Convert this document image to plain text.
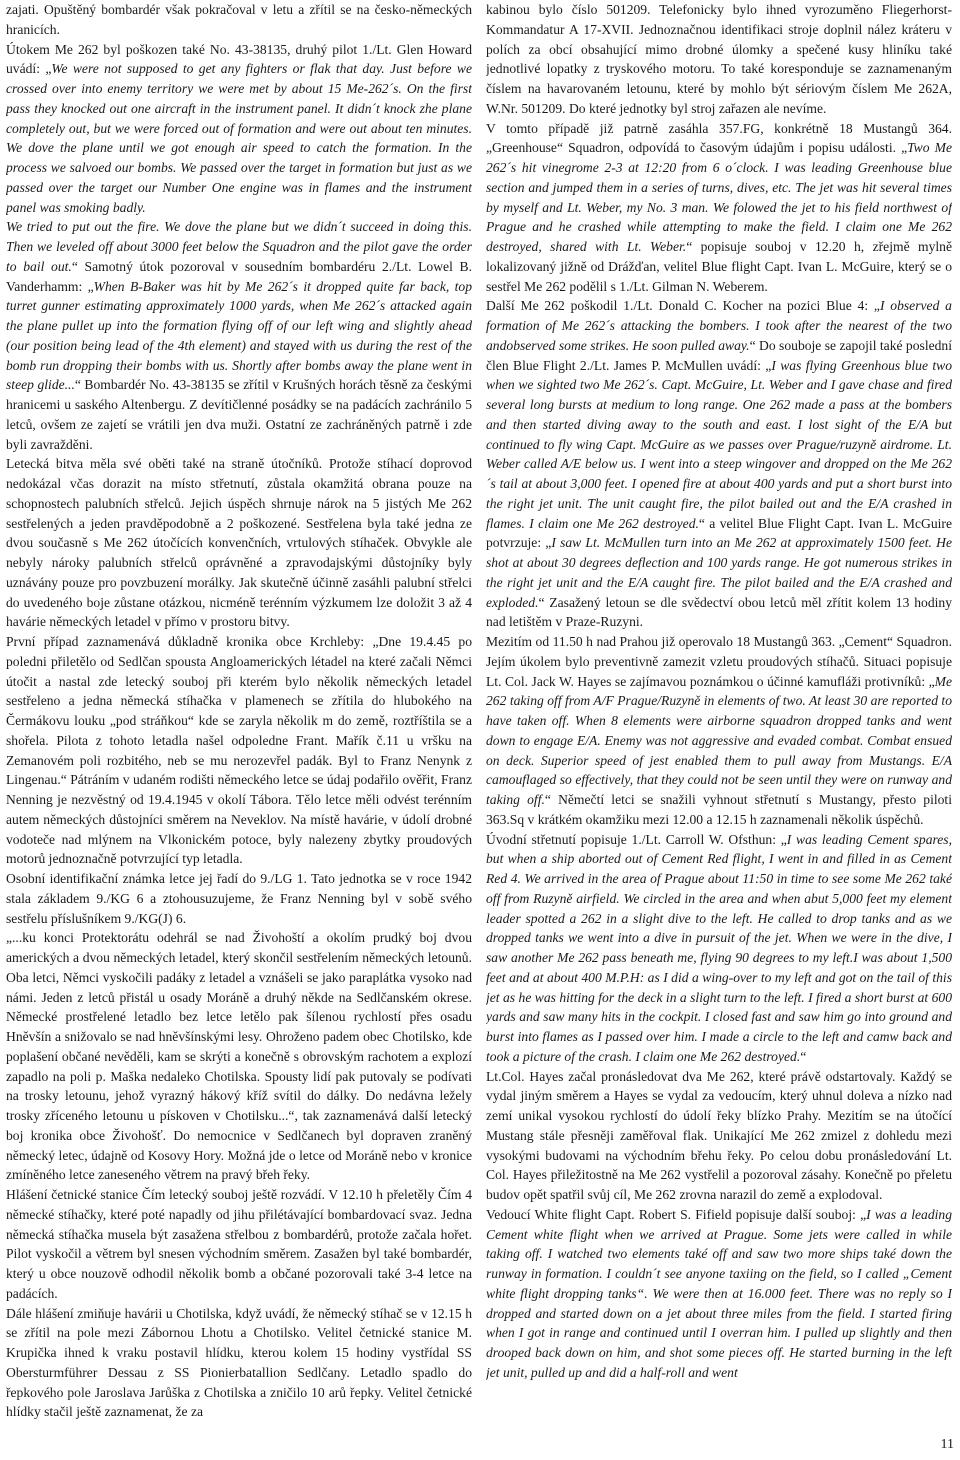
zajati. Opuštěný bombardér však pokračoval v letu a zřítil se na česko-německých hranicích.

Útokem Me 262 byl poškozen také No. 43-38135, druhý pilot 1./Lt. Glen Howard uvádí: „We were not supposed to get any fighters or flak that day. Just before we crossed over into enemy territory we were met by about 15 Me-262´s. On the first pass they knocked out one aircraft in the instrument panel. It didn´t knock zhe plane completely out, but we were forced out of formation and were out about ten minutes. We dove the plane until we got enough air speed to catch the formation. In the process we salvoed our bombs. We passed over the target in formation but just as we passed over the target our Number One engine was in flames and the instrument panel was smoking badly.

We tried to put out the fire. We dove the plane but we didn´t succeed in doing this. Then we leveled off about 3000 feet below the Squadron and the pilot gave the order to bail out.“ Samotný útok pozoroval v sousedním bombardéru 2./Lt. Lowel B. Vanderhamm: „When B-Baker was hit by Me 262´s it dropped quite far back, top turret gunner estimating approximately 1000 yards, when Me 262´s attacked again the plane pullet up into the formation flying off of our left wing and slightly ahead (our position being lead of the 4th element) and stayed with us during the rest of the bomb run dropping their bombs with us. Shortly after bombs away the plane went in steep glide...“ Bombardér No. 43-38135 se zřítil v Krušných horách těsně za českými hranicemi u saského Altenbergu. Z devítičlenné posádky se na padácích zachránilo 5 letců, ovšem ze zajetí se vrátili jen dva muži. Ostatní ze zachráněných patrně i zde byli zavražděni.

Letecká bitva měla své oběti také na straně útočníků. Protože stíhací doprovod nedokázal včas dorazit na místo střetnutí, zůstala okamžitá obrana pouze na schopnostech palubních střelců. Jejich úspěch shrnuje nárok na 5 jistých Me 262 sestřelených a jeden pravděpodobně a 2 poškozené. Sestřelena byla také jedna ze dvou současně s Me 262 útočících konvenčních, vrtulových stíhaček. Obvykle ale nebyly nároky palubních střelců oprávněné a zpravodajskými důstojníky byly uznávány pouze pro povzbuzení morálky. Jak skutečně účinně zasáhli palubní střelci do uvedeného boje zůstane otázkou, nicméně terénním výzkumem lze doložit 3 až 4 havárie německých letadel v přímo v prostoru bitvy.

První případ zaznamenává důkladně kronika obce Krchleby: „Dne 19.4.45 po poledni přiletělo od Sedlčan spousta Angloamerických létadel na které začali Němci útočit a nastal zde letecký souboj při kterém bylo několik německých letadel sestřeleno a jedna německá stíhačka v plamenech se zřítila do hlubokého na Čermákovu louku „pod stráňkou“ kde se zaryla několik m do země, roztříštila se a shořela. Pilota z tohoto letadla našel odpoledne Frant. Mařík č.11 u vršku na Zemanovém poli rozbitého, neb se mu nerozevřel padák. Byl to Franz Nenynk z Lingenau.“ Pátráním v udaném rodišti německého letce se údaj podařilo ověřit, Franz Nenning je nezvěstný od 19.4.1945 v okolí Tábora. Tělo letce měli odvést terénním autem německých důstojníci směrem na Neveklov. Na místě havárie, v údolí drobné vodoteče nad mlýnem na Vlkonickém potoce, byly nalezeny zbytky proudových motorů jednoznačně potvrzující typ letadla.

Osobní identifikační známka letce jej řadí do 9./LG 1. Tato jednotka se v roce 1942 stala základem 9./KG 6 a ztohousuzujeme, že Franz Nenning byl v sobě svého sestřelu příslušníkem 9./KG(J) 6.

„...ku konci Protektorátu odehrál se nad Živohoští a okolím prudký boj dvou amerických a dvou německých letadel, který skončil sestřelením německých letounů. Oba letci, Němci vyskočili padáky z letadel a vznášeli se jako paraplátka vysoko nad námi. Jeden z letců přistál u osady Moráně a druhý někde na Sedlčanském okrese. Německé prostřelené letadlo bez letce letělo pak šílenou rychlostí přes osadu Hněvšín a snižovalo se nad hněvšínskými lesy. Ohroženo padem obec Chotilsko, kde poplašení občané nevěděli, kam se skrýti a konečně s obrovským rachotem a explozí zapadlo na poli p. Maška nedaleko Chotilska. Spousty lidí pak putovaly se podívati na trosky letounu, jehož vyrazný hákový kříž svítil do dálky. Do nedávna ležely trosky zříceného letounu u pískoven v Chotilsku...“, tak zaznamenává další letecký boj kronika obce Živohošť. Do nemocnice v Sedlčanech byl dopraven zraněný německý letec, údajně od Kosovy Hory. Možná jde o letce od Moráně nebo v kronice zmíněného letce zaneseného větrem na pravý břeh řeky.

Hlášení četnické stanice Čím letecký souboj ještě rozvádí. V 12.10 h přeletěly Čím 4 německé stíhačky, které poté napadly od jihu přilétávající bombardovací svaz. Jedna německá stíhačka musela být zasažena střelbou z bombardérů, protože začala hořet. Pilot vyskočil a větrem byl snesen východním směrem. Zasažen byl také bombardér, který u obce nouzově odhodil několik bomb a občané pozorovali také 3-4 letce na padácích.

Dále hlášení zmiňuje havárii u Chotilska, když uvádí, že německý stíhač se v 12.15 h se zřítil na pole mezi Zábornou Lhotu a Chotilsko. Velitel četnické stanice M. Krupička ihned k vraku postavil hlídku, kterou kolem 15 hodiny vystřídal SS Obersturmführer Dessau z SS Pionierbatallion Sedlčany. Letadlo spadlo do řepkového pole Jaroslava Jarůška z Chotilska a zničilo 10 arů řepky. Velitel četnické hlídky stačil ještě zaznamenat, že za

kabinou bylo číslo 501209. Telefonicky bylo ihned vyrozuměno Fliegerhorst-Kommandatur A 17-XVII. Jednoznačnou identifikaci stroje doplnil nález kráteru v polích za obcí obsahující mimo drobné úlomky a spečené kusy hliníku také jednotlivé lopatky z tryskového motoru. To také koresponduje se zaznamenaným číslem na havarovaném letounu, které by mohlo být sériovým číslem Me 262A, W.Nr. 501209. Do které jednotky byl stroj zařazen ale nevíme.

V tomto případě již patrně zasáhla 357.FG, konkrétně 18 Mustangů 364. „Greenhouse“ Squadron, odpovídá to časovým údajům i popisu události. „Two Me 262´s hit vinegrome 2-3 at 12:20 from 6 o´clock. I was leading Greenhouse blue section and jumped them in a series of turns, dives, etc. The jet was hit several times by myself and Lt. Weber, my No. 3 man. We folowed the jet to his field northwest of Prague and he crashed while attempting to make the field. I claim one Me 262 destroyed, shared with Lt. Weber.“ popisuje souboj v 12.20 h, zřejmě mylně lokalizovaný jižně od Drážďan, velitel Blue flight Capt. Ivan L. McGuire, který se o sestřel Me 262 podělil s 1./Lt. Gilman N. Weberem.

Další Me 262 poškodil 1./Lt. Donald C. Kocher na pozici Blue 4: „I observed a formation of Me 262´s attacking the bombers. I took after the nearest of the two andobserved some strikes. He soon pulled away.“ Do souboje se zapojil také poslední člen Blue Flight 2./Lt. James P. McMullen uvádí: „I was flying Greenhous blue two when we sighted two Me 262´s. Capt. McGuire, Lt. Weber and I gave chase and fired several long bursts at medium to long range. One 262 made a pass at the bombers and then started diving away to the south and east. I lost sight of the E/A but continued to fly wing Capt. McGuire as we passes over Prague/ruzyně airdrome. Lt. Weber called A/E below us. I went into a steep wingover and dropped on the Me 262´s tail at about 3,000 feet. I opened fire at about 400 yards and put a short burst into the right jet unit. The unit caught fire, the pilot bailed out and the E/A crashed in flames. I claim one Me 262 destroyed.“ a velitel Blue Flight Capt. Ivan L. McGuire potvrzuje: „I saw Lt. McMullen turn into an Me 262 at approximately 1500 feet. He shot at about 30 degrees deflection and 100 yards range. He got numerous strikes in the right jet unit and the E/A caught fire. The pilot bailed and the E/A crashed and exploded.“ Zasažený letoun se dle svědectví obou letců měl zřítit kolem 13 hodiny nad letištěm v Praze-Ruzyni.

Mezitím od 11.50 h nad Prahou již operovalo 18 Mustangů 363. „Cement“ Squadron. Jejím úkolem bylo preventivně zamezit vzletu proudových stíhačů. Situaci popisuje Lt. Col. Jack W. Hayes se zajímavou poznámkou o účinné kamufláži protivníků: „Me 262 taking off from A/F Prague/Ruzyně in elements of two. At least 30 are reported to have taken off. When 8 elements were airborne squadron dropped tanks and went down to engage E/A. Enemy was not aggressive and evaded combat. Combat ensued on deck. Superior speed of jest enabled them to pull away from Mustangs. E/A camouflaged so effectively, that they could not be seen until they were on runway and taking off.“ Němečtí letci se snažili vyhnout střetnutí s Mustangy, přesto piloti 363.Sq v krátkém okamžiku mezi 12.00 a 12.15 h zaznamenali několik úspěchů.

Úvodní střetnutí popisuje 1./Lt. Carroll W. Ofsthun: „I was leading Cement spares, but when a ship aborted out of Cement Red flight, I went in and filled in as Cement Red 4. We arrived in the area of Prague about 11:50 in time to see some Me 262 také off from Ruzyně airfield. We circled in the area and when abut 5,000 feet my element leader spotted a 262 in a slight dive to the left. He called to drop tanks and as we dropped tanks we went into a dive in pursuit of the jet. When we were in the dive, I saw another Me 262 pass beneath me, flying 90 degrees to my left.I was about 1,500 feet and at about 400 M.P.H: as I did a wing-over to my left and got on the tail of this jet as he was hitting for the deck in a slight turn to the left. I fired a short burst at 600 yards and saw many hits in the cockpit. I closed fast and saw him go into ground and burst into flames as I passed over him. I made a circle to the left and camw back and took a picture of the crash. I claim one Me 262 destroyed.“

Lt.Col. Hayes začal pronásledovat dva Me 262, které právě odstartovaly. Každý se vydal jiným směrem a Hayes se vydal za vedoucím, který uhnul doleva a nízko nad zemí unikal vysokou rychlostí do údolí řeky blízko Prahy. Mezitím se na útočící Mustang stále přesněji zaměřoval flak. Unikající Me 262 zmizel z dohledu mezi vysokými budovami na východním břehu řeky. Po celou dobu pronásledování Lt. Col. Hayes přiležitostně na Me 262 vystřelil a pozoroval zásahy. Konečně po přeletu budov opět spatřil svůj cíl, Me 262 zrovna narazil do země a explodoval.

Vedoucí White flight Capt. Robert S. Fifield popisuje další souboj: „I was a leading Cement white flight when we arrived at Prague. Some jets were called in while taking off. I watched two elements také off and saw two more ships také down the runway in formation. I couldn´t see anyone taxiing on the field, so I called „Cement white flight dropping tanks“. We were then at 16.000 feet. There was no reply so I dropped and started down on a jet about three miles from the field. I started firing when I got in range and continued until I overran him. I pulled up slightly and then drooped back down on him, and shot some pieces off. He started burning in the left jet unit, pulled up and did a half-roll and went

11
